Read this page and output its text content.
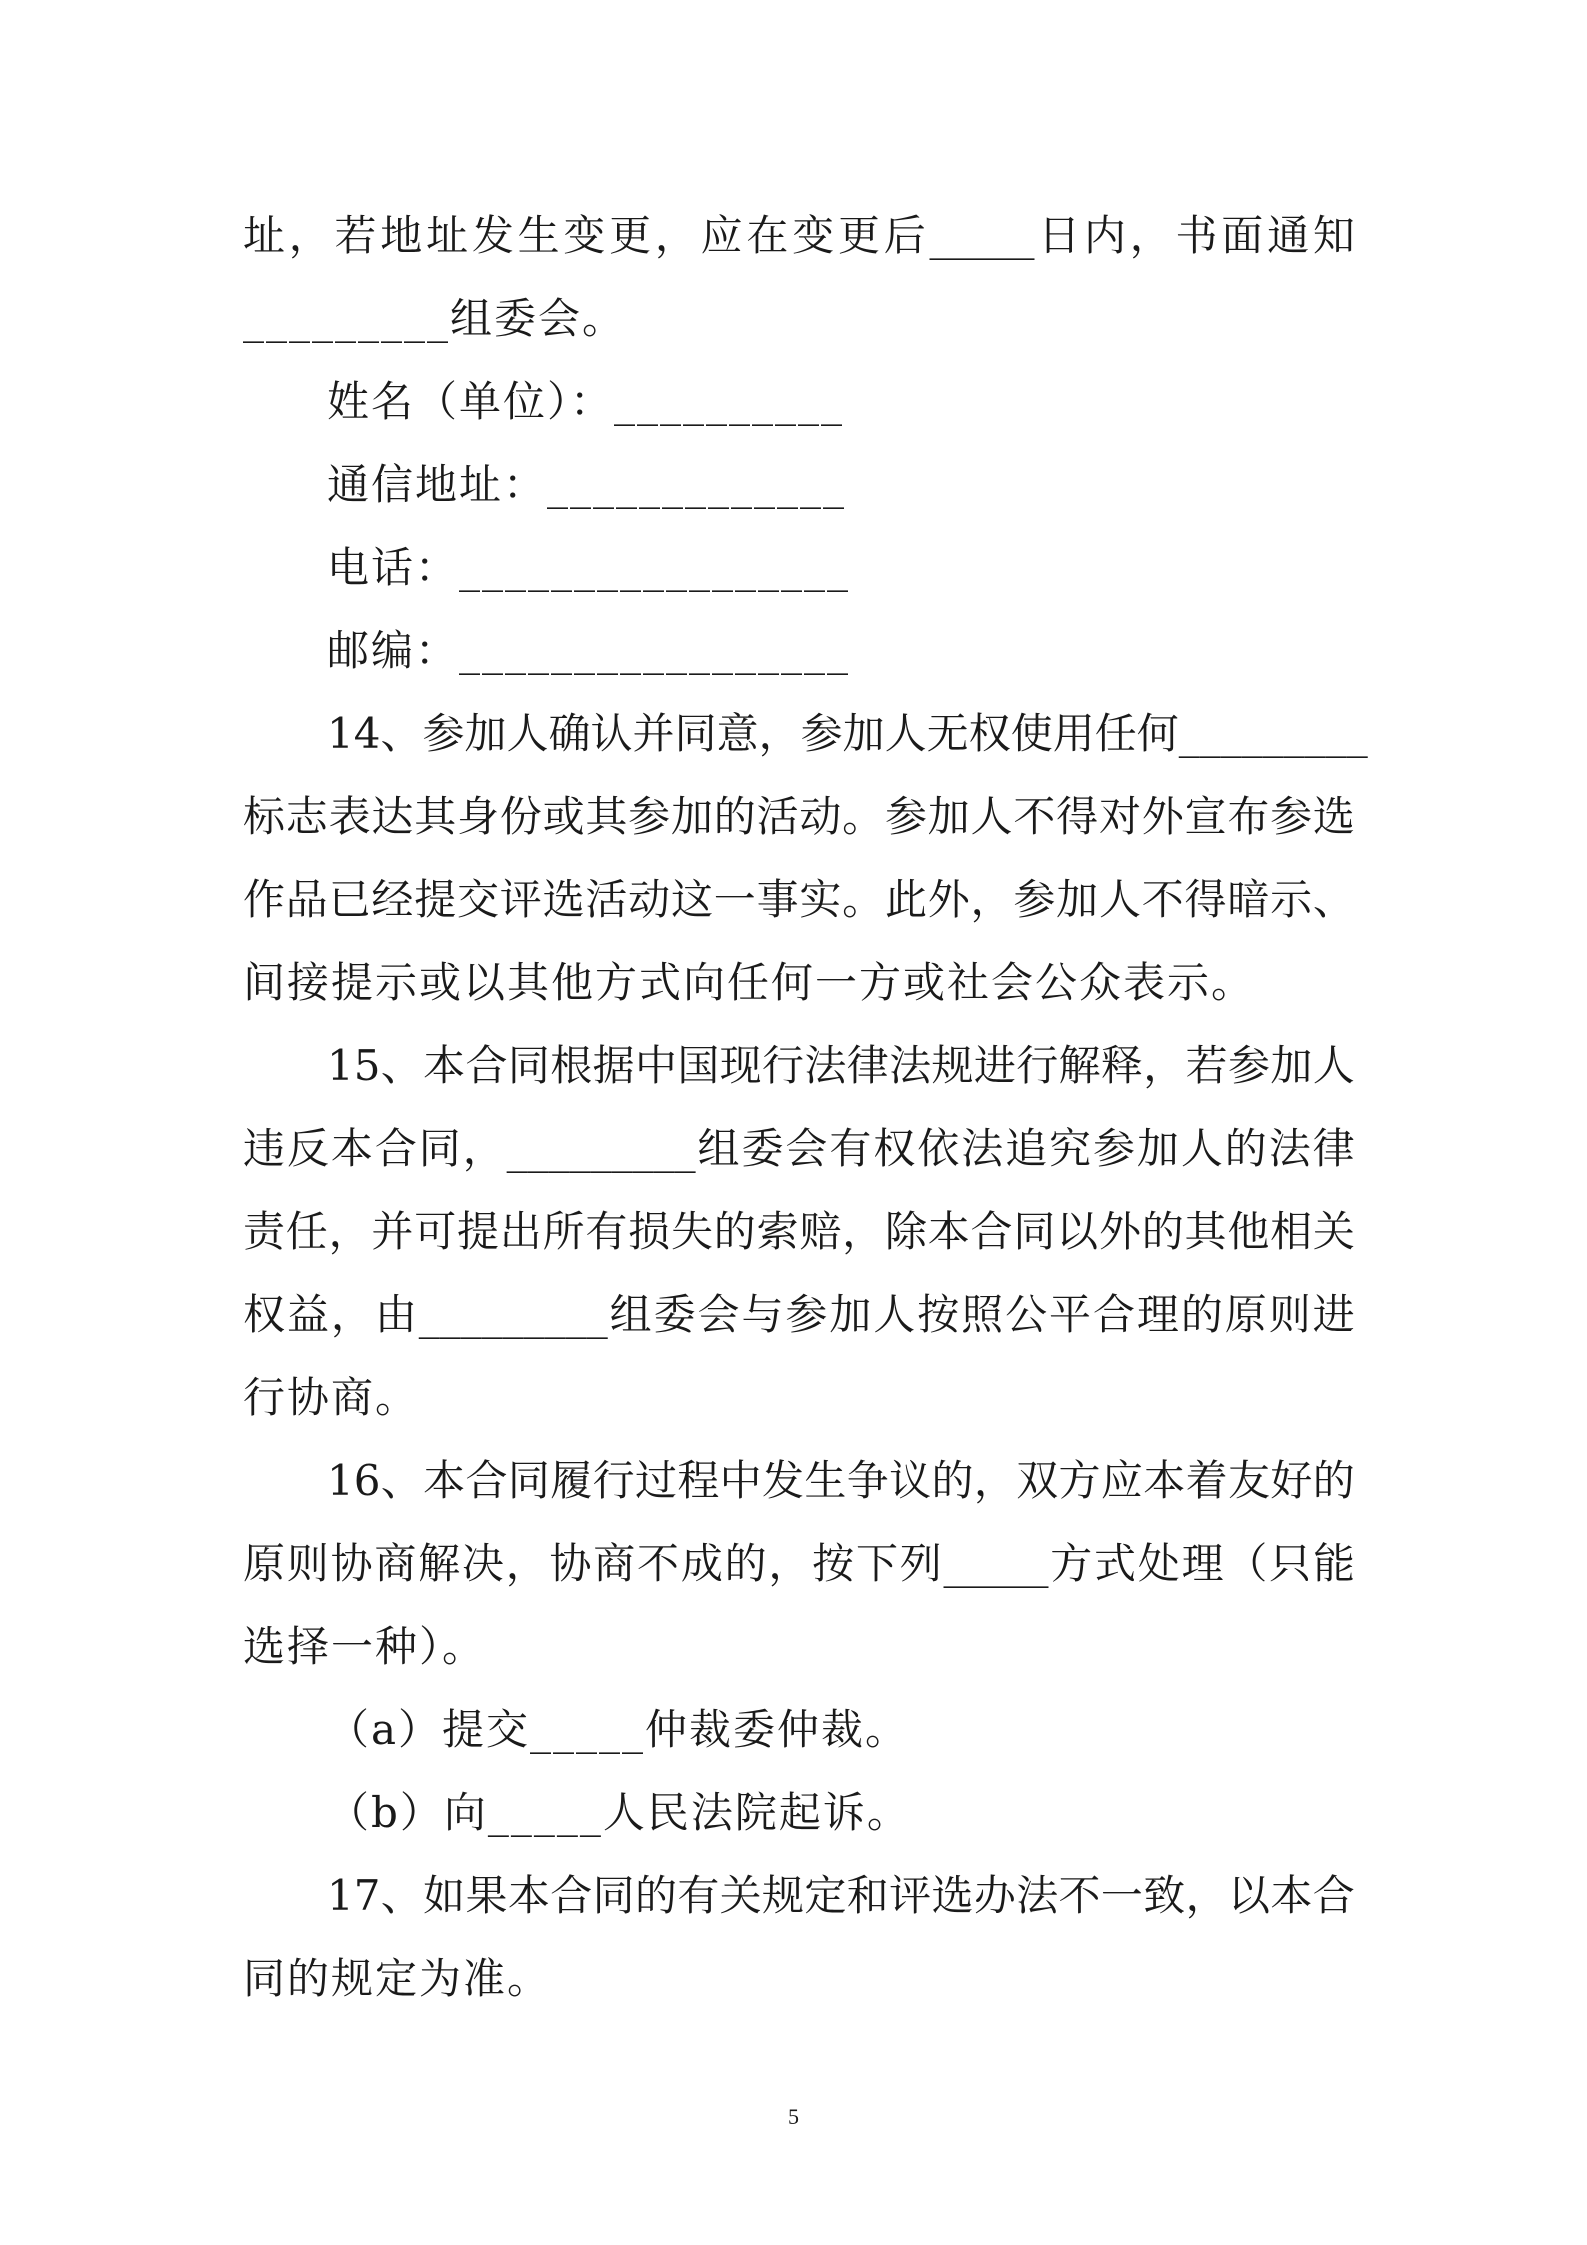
址 ， 若 地 址 发 生 变 更 ， 应 在 变 更 后 _____ 日 内 ， 书 面 通 知
_________组委会。
姓名（单位）：__________
通信地址：_____________
电话：_________________
邮编：_________________
14 、 参 加 人 确 认 并 同 意 ， 参 加 人 无 权 使 用 任 何 _________
标 志 表 达 其 身 份 或 其 参 加 的 活 动 。 参 加 人 不 得 对 外 宣 布 参 选
作 品 已 经 提 交 评 选 活 动 这 一 事 实 。 此 外 ， 参 加 人 不 得 暗 示 、
间接提示或以其他方式向任何一方或社会公众表示。
15 、 本 合 同 根 据 中 国 现 行 法 律 法 规 进 行 解 释 ， 若 参 加 人
违 反 本 合 同 ， _________ 组 委 会 有 权 依 法 追 究 参 加 人 的 法 律
责 任 ， 并 可 提 出 所 有 损 失 的 索 赔 ， 除 本 合 同 以 外 的 其 他 相 关
权 益 ， 由 _________ 组 委 会 与 参 加 人 按 照 公 平 合 理 的 原 则 进
行协商。
16 、 本 合 同 履 行 过 程 中 发 生 争 议 的 ， 双 方 应 本 着 友 好 的
原 则 协 商 解 决 ， 协 商 不 成 的 ， 按 下 列 _____ 方 式 处 理 （ 只 能
选择一种）。
（a）提交_____仲裁委仲裁。
（b）向_____人民法院起诉。
17 、 如 果 本 合 同 的 有 关 规 定 和 评 选 办 法 不 一 致 ， 以 本 合
同的规定为准。
5
